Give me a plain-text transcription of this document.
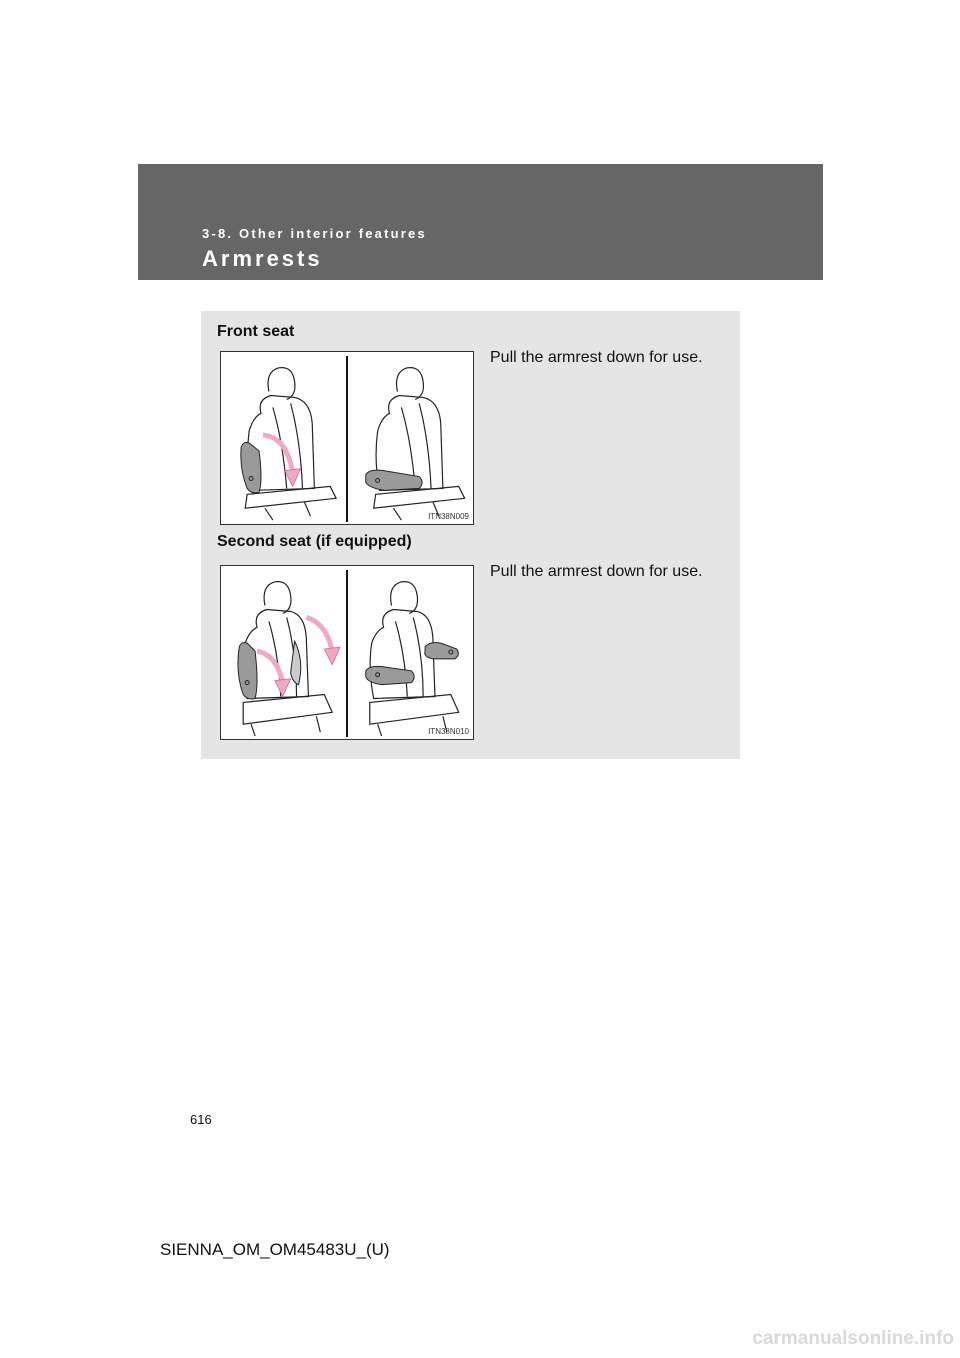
3-8. Other interior features
Armrests
Front seat
ITN38N009
Pull the armrest down for use.
Second seat (if equipped)
ITN38N010
Pull the armrest down for use.
616
SIENNA_OM_OM45483U_(U)
carmanualsonline.info
